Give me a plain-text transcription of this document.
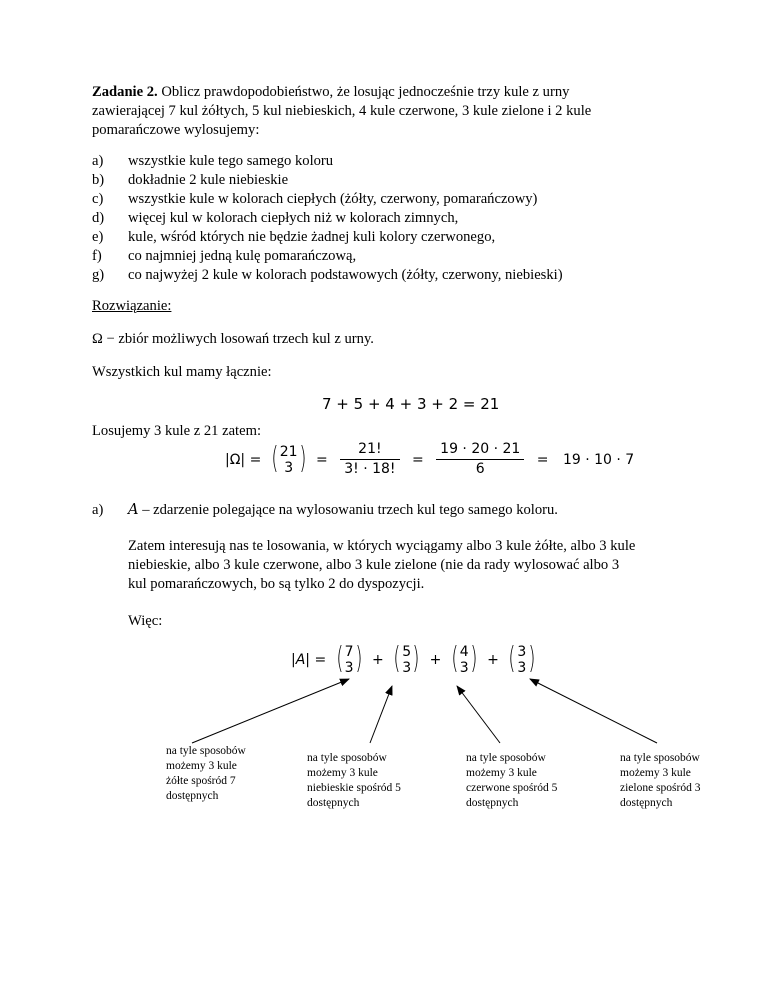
Zadanie 2. Oblicz prawdopodobieństwo, że losując jednocześnie trzy kule z urny
zawierającej 7 kul żółtych, 5 kul niebieskich, 4 kule czerwone, 3 kule zielone i 2 kule
pomarańczowe wylosujemy:
a) wszystkie kule tego samego koloru
b) dokładnie 2 kule niebieskie
c) wszystkie kule w kolorach ciepłych (żółty, czerwony, pomarańczowy)
d) więcej kul w kolorach ciepłych niż w kolorach zimnych,
e) kule, wśród których nie będzie żadnej kuli kolory czerwonego,
f) co najmniej jedną kulę pomarańczową,
g) co najwyżej 2 kule w kolorach podstawowych (żółty, czerwony, niebieski)
Rozwiązanie:
Ω − zbiór możliwych losowań trzech kul z urny.
Wszystkich kul mamy łącznie:
7 + 5 + 4 + 3 + 2 = 21
Losujemy 3 kule z 21 zatem:
|Ω| = ( 21
3 ) = $\frac{21!}{3! \cdot 18!} = \frac{19 \cdot 20 \cdot 21}{6} = 19 \cdot 10 \cdot 7$
a) A – zdarzenie polegające na wylosowaniu trzech kul tego samego koloru.
Zatem interesują nas te losowania, w których wyciągamy albo 3 kule żółte, albo 3 kule
niebieskie, albo 3 kule czerwone, albo 3 kule zielone (nie da rady wylosować albo 3
kul pomarańczowych, bo są tylko 2 do dyspozycji.
Więc:
|A| = ( 7
3 ) + ( 5
3 ) + ( 4
3 ) + ( 3
3 )
na tyle sposobów możemy 3 kule żółte spośród 7 dostępnych
na tyle sposobów możemy 3 kule niebieskie spośród 5 dostępnych
na tyle sposobów możemy 3 kule czerwone spośród 5 dostępnych
na tyle sposobów możemy 3 kule zielone spośród 3 dostępnych
